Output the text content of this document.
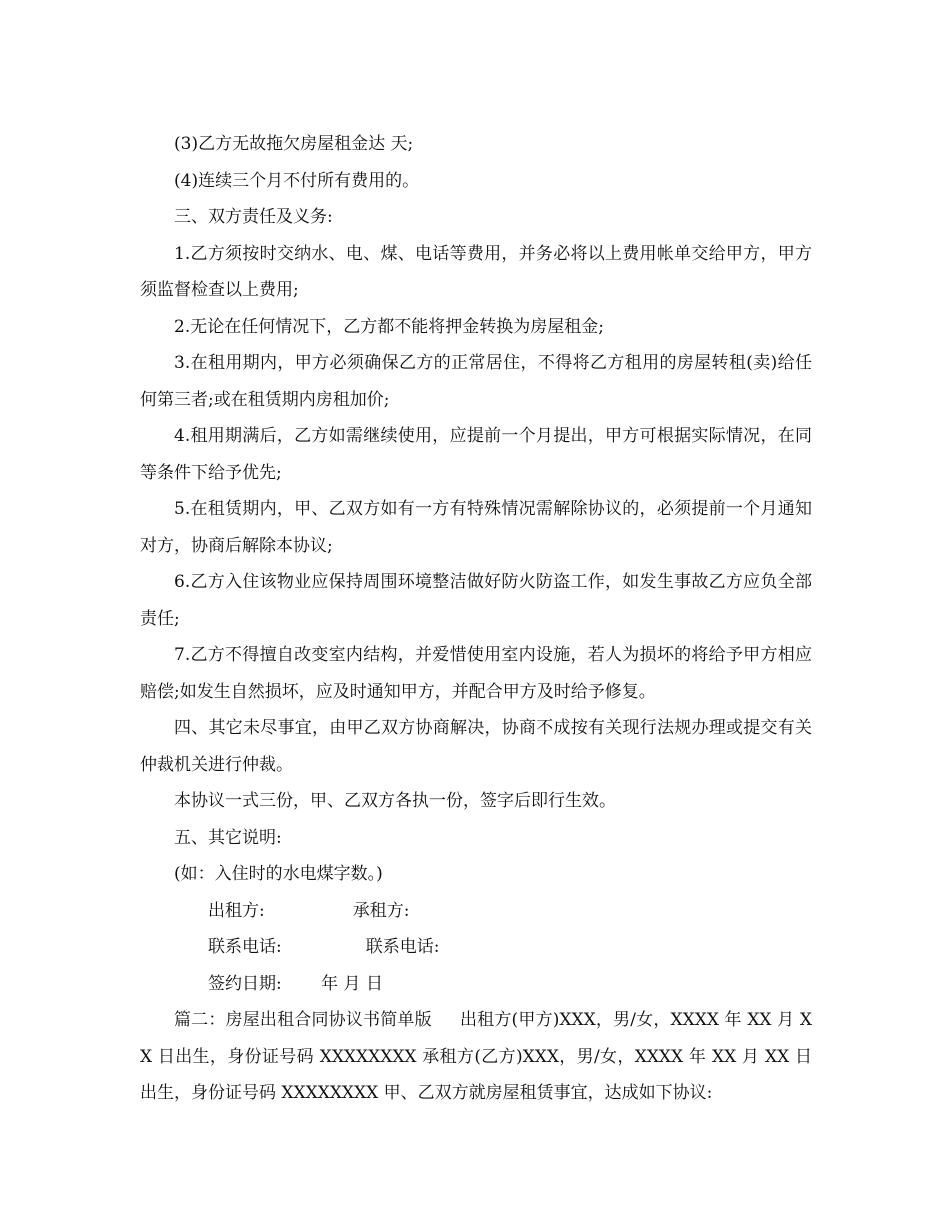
(3)乙方无故拖欠房屋租金达 天;

(4)连续三个月不付所有费用的。

三、双方责任及义务:

1.乙方须按时交纳水、电、煤、电话等费用，并务必将以上费用帐单交给甲方，甲方须监督检查以上费用;

2.无论在任何情况下，乙方都不能将押金转换为房屋租金;

3.在租用期内，甲方必须确保乙方的正常居住，不得将乙方租用的房屋转租(卖)给任何第三者;或在租赁期内房租加价;

4.租用期满后，乙方如需继续使用，应提前一个月提出，甲方可根据实际情况，在同等条件下给予优先;

5.在租赁期内，甲、乙双方如有一方有特殊情况需解除协议的，必须提前一个月通知对方，协商后解除本协议;

6.乙方入住该物业应保持周围环境整洁做好防火防盗工作，如发生事故乙方应负全部责任;

7.乙方不得擅自改变室内结构，并爱惜使用室内设施，若人为损坏的将给予甲方相应赔偿;如发生自然损坏，应及时通知甲方，并配合甲方及时给予修复。

四、其它未尽事宜，由甲乙双方协商解决，协商不成按有关现行法规办理或提交有关仲裁机关进行仲裁。

本协议一式三份，甲、乙双方各执一份，签字后即行生效。

五、其它说明:

(如：入住时的水电煤字数。)

出租方:	承租方:

联系电话:	联系电话:

签约日期: 年 月 日

篇二：房屋出租合同协议书简单版 出租方(甲方)XXX，男/女，XXXX 年 XX 月 XX 日出生，身份证号码 XXXXXXXX 承租方(乙方)XXX，男/女，XXXX 年 XX 月 XX 日出生，身份证号码 XXXXXXXX 甲、乙双方就房屋租赁事宜，达成如下协议:
